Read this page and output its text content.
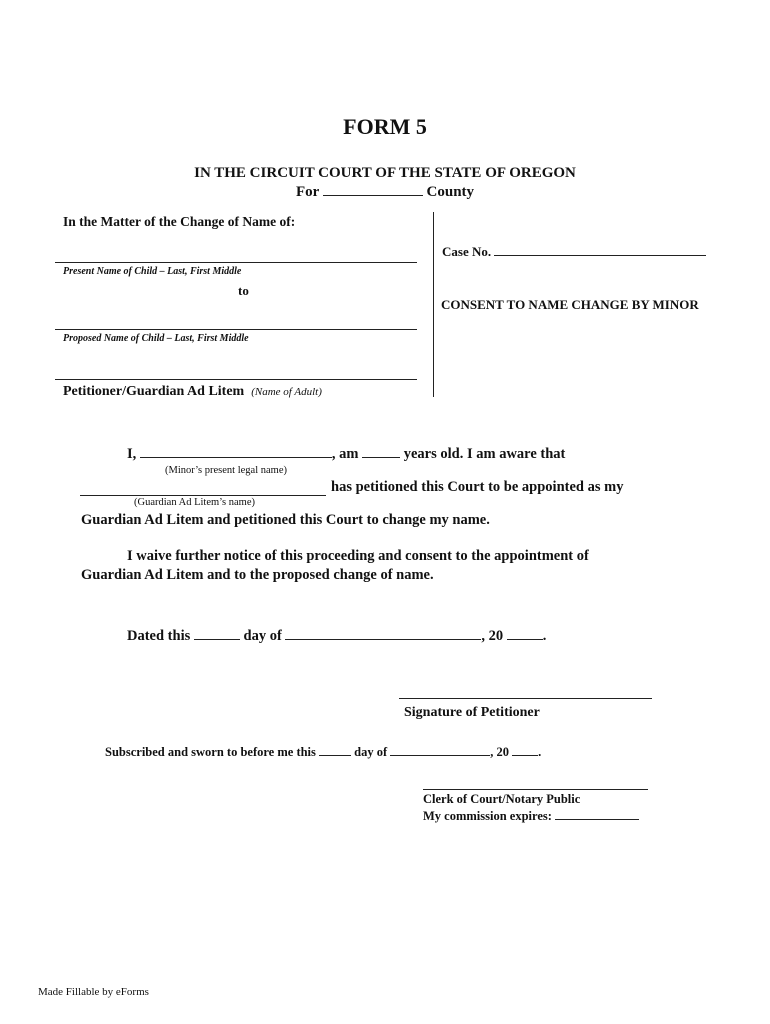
FORM 5
IN THE CIRCUIT COURT OF THE STATE OF OREGON
For	County
In the Matter of the Change of Name of:
Present Name of Child – Last, First Middle
to
Proposed Name of Child – Last, First Middle
Petitioner/Guardian Ad Litem (Name of Adult)
Case No.
CONSENT TO NAME CHANGE BY MINOR
I,	, am	years old. I am aware that
(Minor’s present legal name)
has petitioned this Court to be appointed as my
(Guardian Ad Litem’s name)
Guardian Ad Litem and petitioned this Court to change my name.
I waive further notice of this proceeding and consent to the appointment of
Guardian Ad Litem and to the proposed change of name.
Dated this	day of	, 20	.
Signature of Petitioner
Subscribed and sworn to before me this	day of	, 20 .
Clerk of Court/Notary Public
My commission expires:
Made Fillable by eForms
